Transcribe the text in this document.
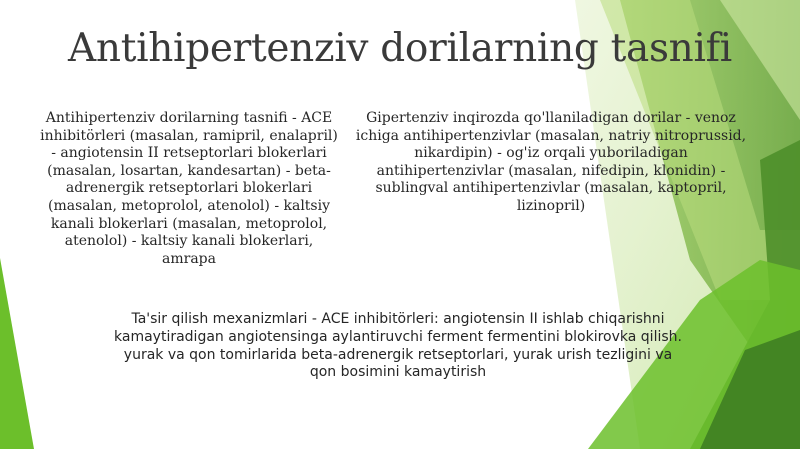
Antihipertenziv dorilarning tasnifi

Antihipertenziv dorilarning tasnifi - ACE inhibitörleri (masalan, ramipril, enalapril) - angiotensin II retseptorlari blokerlari (masalan, losartan, kandesartan) - beta-adrenergik retseptorlari blokerlari (masalan, metoprolol, atenolol) - kaltsiy kanali blokerlari (masalan, metoprolol, atenolol) - kaltsiy kanali blokerlari, amrapa

Gipertenziv inqirozda qo'llaniladigan dorilar - venoz ichiga antihipertenzivlar (masalan, natriy nitroprussid, nikardipin) - og'iz orqali yuboriladigan antihipertenzivlar (masalan, nifedipin, klonidin) - sublingval antihipertenzivlar (masalan, kaptopril, lizinopril)

Ta'sir qilish mexanizmlari - ACE inhibitörleri: angiotensin II ishlab chiqarishni kamaytiradigan angiotensinga aylantiruvchi ferment fermentini blokirovka qilish. yurak va qon tomirlarida beta-adrenergik retseptorlari, yurak urish tezligini va qon bosimini kamaytirish
